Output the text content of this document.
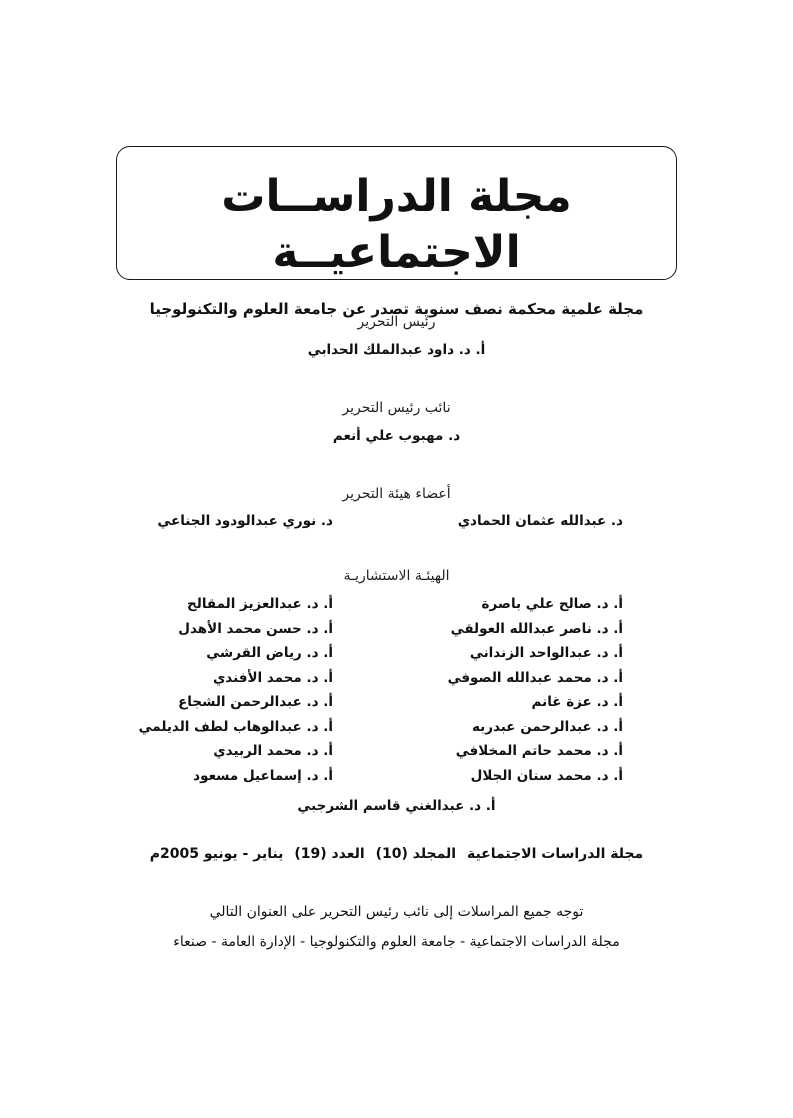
مجلة الدراســات الاجتماعيــة
مجلة علمية محكمة نصف سنوية تصدر عن جامعة العلوم والتكنولوجيا
رئيس التحرير
أ. د. داود عبدالملك الحدابي
نائب رئيس التحرير
د. مهبوب علي أنعم
أعضاء هيئة التحرير
د. عبدالله عثمان الحمادي
د. نوري عبدالودود الجناعي
الهيئـة الاستشاريـة
أ. د. صالح علي باصرة
أ. د. ناصر عبدالله العولقي
أ. د. عبدالواحد الزنداني
أ. د. محمد عبدالله الصوفي
أ. د. عزة غانم
أ. د. عبدالرحمن عبدربه
أ. د. محمد حاتم المخلافي
أ. د. محمد سنان الجلال
أ. د. عبدالعزيز المقالح
أ. د. حسن محمد الأهدل
أ. د. رياض القرشي
أ. د. محمد الأفندي
أ. د. عبدالرحمن الشجاع
أ. د. عبدالوهاب لطف الديلمي
أ. د. محمد الربيدي
أ. د. إسماعيل مسعود
أ. د. عبدالغني قاسم الشرجبي
مجلة الدراسات الاجتماعية المجلد (10) العدد (19) يناير - يونيو 2005م
توجه جميع المراسلات إلى نائب رئيس التحرير على العنوان التالي
مجلة الدراسات الاجتماعية - جامعة العلوم والتكنولوجيا - الإدارة العامة - صنعاء
